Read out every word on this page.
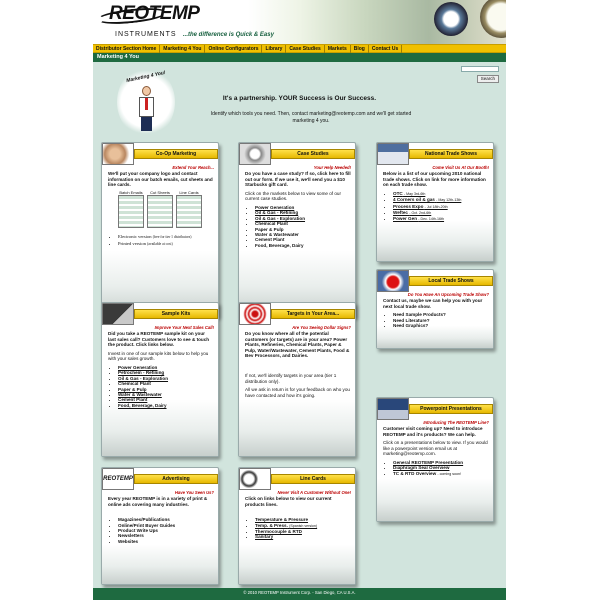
REOTEMP
INSTRUMENTS ...the difference is Quick & Easy
Distributor Section Home	Marketing 4 You	Online Configurators	Library	Case Studies	Markets	Blog	Contact Us
Marketing 4 You
Search
Marketing 4 You!
It's a partnership. YOUR Success is Our Success.
Identify which tools you need. Then, contact marketing@reotemp.com and we'll get started marketing 4 you.
Co-Op Marketing
Extend Your Reach...
We'll put your company logo and contact information on our batch emails, cut sheets and line cards.
Batch Emails	Cut Sheets	Line Cards
• Electronic version (free for tier 1 distributors)
• Printed version (available at cost)
Case Studies
Your Help Needed!
Do you have a case study? If so, click here to fill out our form. If we use it, we'll send you a $10 Starbucks gift card.
Click on the markets below to view some of our current case studies.
• Power Generation
• Oil & Gas - Refining
• Oil & Gas - Exploration
• Chemical Plant
• Paper & Pulp
• Water & Wastewater
• Cement Plant
• Food, Beverage, Dairy
National Trade Shows
Come Visit Us At Our Booth!
Below is a list of our upcoming 2010 national trade shows. Click on link for more information on each trade show.
• OTC - May 3rd-6th
• 4 Corners oil & gas - May 12th-13th
• Process Expo - Jul 18th-20th
• Weftec - Oct. 2nd-6th
• Power Gen - Dec. 14th-16th
Local Trade Shows
Do You Have An Upcoming Trade Show?
Contact us, maybe we can help you with your next local trade show.
• Need Sample Products?
• Need Literature?
• Need Graphics?
Sample Kits
Improve Your Next Sales Call!
Did you take a REOTEMP sample kit on your last sales call? Customers love to see & touch the product. Click links below.
Invest in one of our sample kits below to help you with your sales growth.
• Power Generation
• Petrochem - Refining
• Oil & Gas - Exploration
• Chemical Plant
• Paper & Pulp
• Water & Wastewater
• Cement Plant
• Food, Beverage, Dairy
Targets in Your Area...
Are You Seeing Dollar Signs?
Do you know where all of the potential customers (or targets) are in your area? Power Plants, Refineries, Chemical Plants, Paper & Pulp, Water/Wastewater, Cement Plants, Food & Bev Processors, and Dairies.
If not, we'll identify targets in your area (tier 1 distribution only).
All we ask in return is for your feedback on who you have contacted and how it's going.
Powerpoint Presentations
Introducing The REOTEMP Line?
Customer visit coming up? Need to introduce REOTEMP and it's products? We can help.
Click on a presentations below to view. If you would like a powerpoint version email us at marketing@reotemp.com.
• General REOTEMP Presentation
• Diaphragm Seal Overview
• TC & RTD Overview - coming soon!
REOTEMP	Advertising
Have You Seen Us?
Every year REOTEMP is in a variety of print & online ads covering many industries.
• Magazines/Publications
• Online/Print Buyer Guides
• Product Write Ups
• Newsletters
• Websites
Line Cards
Never Visit A Customer Without One!
Click on links below to view our current products lines.
• Temperature & Pressure
• Temp. & Press. (Spanish version)
• Thermocouple & RTD
• Sanitary
© 2010 REOTEMP Instrument Corp. - San Diego, CA U.S.A.
